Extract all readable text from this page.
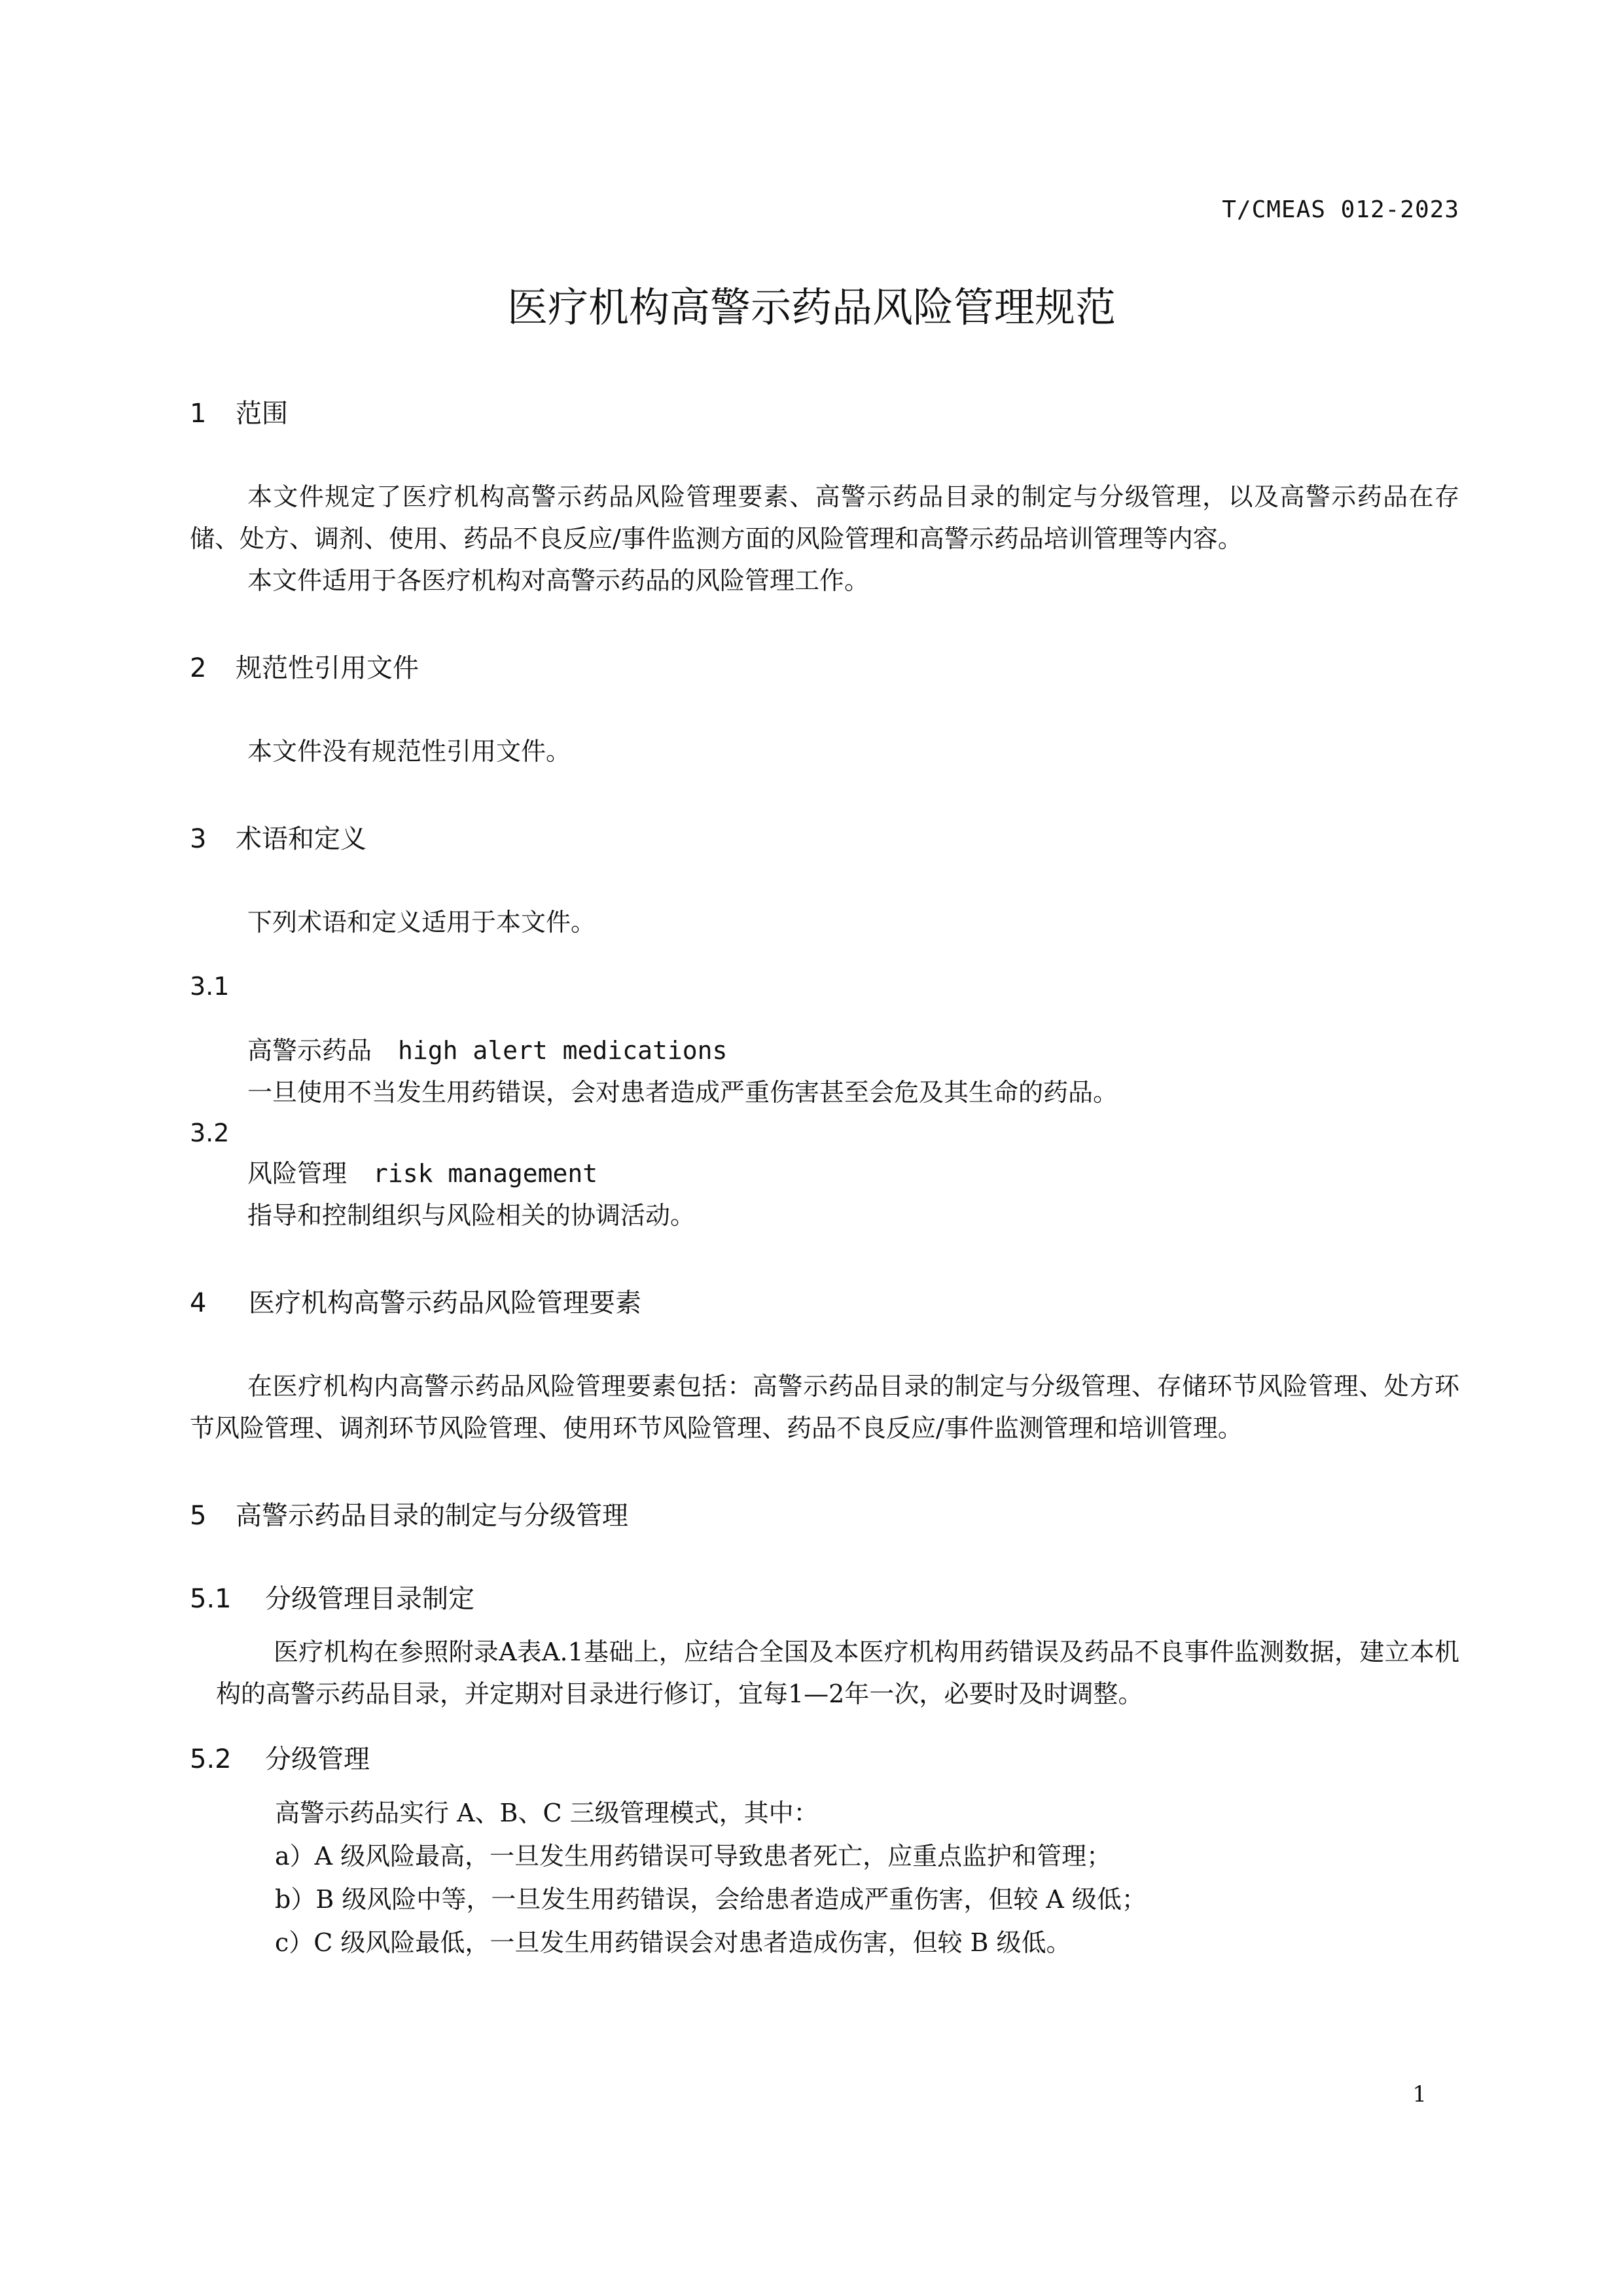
T/CMEAS 012-2023
医疗机构高警示药品风险管理规范
1	范围

本文件规定了医疗机构高警示药品风险管理要素、高警示药品目录的制定与分级管理，以及高警示药品在存储、处方、调剂、使用、药品不良反应/事件监测方面的风险管理和高警示药品培训管理等内容。

本文件适用于各医疗机构对高警示药品的风险管理工作。

2	规范性引用文件

本文件没有规范性引用文件。

3	术语和定义

下列术语和定义适用于本文件。

3.1

高警示药品 high alert medications

一旦使用不当发生用药错误，会对患者造成严重伤害甚至会危及其生命的药品。

3.2

风险管理 risk management

指导和控制组织与风险相关的协调活动。

4	医疗机构高警示药品风险管理要素

在医疗机构内高警示药品风险管理要素包括：高警示药品目录的制定与分级管理、存储环节风险管理、处方环节风险管理、调剂环节风险管理、使用环节风险管理、药品不良反应/事件监测管理和培训管理。

5	高警示药品目录的制定与分级管理
5.1	分级管理目录制定

医疗机构在参照附录A表A.1基础上，应结合全国及本医疗机构用药错误及药品不良事件监测数据，建立本机构的高警示药品目录，并定期对目录进行修订，宜每1—2年一次，必要时及时调整。

5.2	分级管理

高警示药品实行 A、B、C 三级管理模式，其中：

a）A 级风险最高，一旦发生用药错误可导致患者死亡，应重点监护和管理；

b）B 级风险中等，一旦发生用药错误，会给患者造成严重伤害，但较 A 级低；

c）C 级风险最低，一旦发生用药错误会对患者造成伤害，但较 B 级低。

1
